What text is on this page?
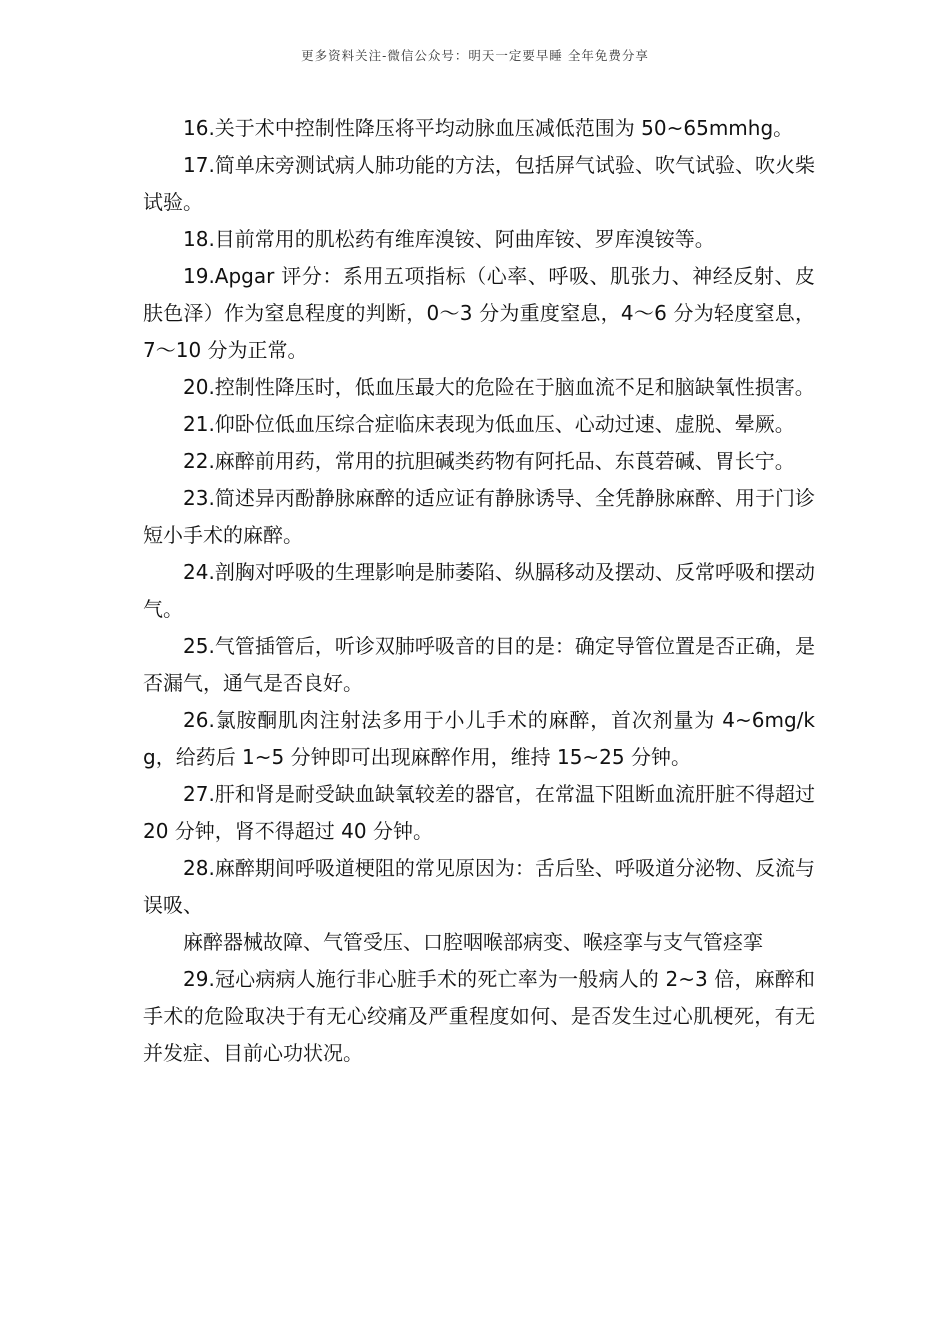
更多资料关注-微信公众号：明天一定要早睡 全年免费分享

16.关于术中控制性降压将平均动脉血压减低范围为 50~65mmhg。

17.简单床旁测试病人肺功能的方法，包括屏气试验、吹气试验、吹火柴试验。

18.目前常用的肌松药有维库溴铵、阿曲库铵、罗库溴铵等。

19.Apgar 评分：系用五项指标（心率、呼吸、肌张力、神经反射、皮肤色泽）作为窒息程度的判断，0～3 分为重度窒息，4～6 分为轻度窒息，7～10 分为正常。

20.控制性降压时，低血压最大的危险在于脑血流不足和脑缺氧性损害。

21.仰卧位低血压综合症临床表现为低血压、心动过速、虚脱、晕厥。

22.麻醉前用药，常用的抗胆碱类药物有阿托品、东莨菪碱、胃长宁。

23.简述异丙酚静脉麻醉的适应证有静脉诱导、全凭静脉麻醉、用于门诊短小手术的麻醉。

24.剖胸对呼吸的生理影响是肺萎陷、纵膈移动及摆动、反常呼吸和摆动气。

25.气管插管后，听诊双肺呼吸音的目的是：确定导管位置是否正确，是否漏气，通气是否良好。

26.氯胺酮肌肉注射法多用于小儿手术的麻醉，首次剂量为 4~6mg/kg，给药后 1~5 分钟即可出现麻醉作用，维持 15~25 分钟。

27.肝和肾是耐受缺血缺氧较差的器官，在常温下阻断血流肝脏不得超过 20 分钟，肾不得超过 40 分钟。

28.麻醉期间呼吸道梗阻的常见原因为：舌后坠、呼吸道分泌物、反流与误吸、

麻醉器械故障、气管受压、口腔咽喉部病变、喉痉挛与支气管痉挛

29.冠心病病人施行非心脏手术的死亡率为一般病人的 2~3 倍，麻醉和手术的危险取决于有无心绞痛及严重程度如何、是否发生过心肌梗死，有无并发症、目前心功状况。
